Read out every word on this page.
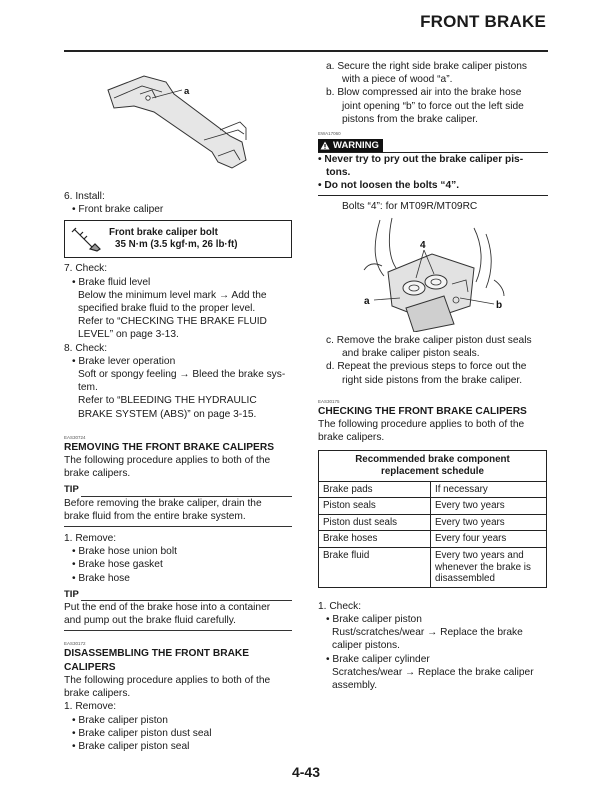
FRONT BRAKE
a
6. Install:
• Front brake caliper
Front brake caliper bolt
35 N·m (3.5 kgf·m, 26 lb·ft)
7. Check:
• Brake fluid level
Below the minimum level mark → Add the
specified brake fluid to the proper level.
Refer to “CHECKING THE BRAKE FLUID
LEVEL” on page 3-13.
8. Check:
• Brake lever operation
Soft or spongy feeling → Bleed the brake sys-
tem.
Refer to “BLEEDING THE HYDRAULIC
BRAKE SYSTEM (ABS)” on page 3-15.
EAS30724
REMOVING THE FRONT BRAKE CALIPERS
The following procedure applies to both of the
brake calipers.
TIP
Before removing the brake caliper, drain the
brake fluid from the entire brake system.
1. Remove:
• Brake hose union bolt
• Brake hose gasket
• Brake hose
TIP
Put the end of the brake hose into a container
and pump out the brake fluid carefully.
EAS30172
DISASSEMBLING THE FRONT BRAKE
CALIPERS
The following procedure applies to both of the
brake calipers.
1. Remove:
• Brake caliper piston
• Brake caliper piston dust seal
• Brake caliper piston seal
a. Secure the right side brake caliper pistons
with a piece of wood “a”.
b. Blow compressed air into the brake hose
joint opening “b” to force out the left side
pistons from the brake caliper.
EWA17060
WARNING
• Never try to pry out the brake caliper pis-
tons.
• Do not loosen the bolts “4”.
Bolts “4”: for MT09R/MT09RC
4
a	b
c. Remove the brake caliper piston dust seals
and brake caliper piston seals.
d. Repeat the previous steps to force out the
right side pistons from the brake caliper.
EAS30175
CHECKING THE FRONT BRAKE CALIPERS
The following procedure applies to both of the
brake calipers.
Recommended brake component
replacement schedule	

Brake pads	If necessary
Piston seals	Every two years
Piston dust seals	Every two years
Brake hoses	Every four years
Brake fluid	Every two years and whenever the brake is disassembled
1. Check:
• Brake caliper piston
Rust/scratches/wear → Replace the brake
caliper pistons.
• Brake caliper cylinder
Scratches/wear → Replace the brake caliper
assembly.
4-43
